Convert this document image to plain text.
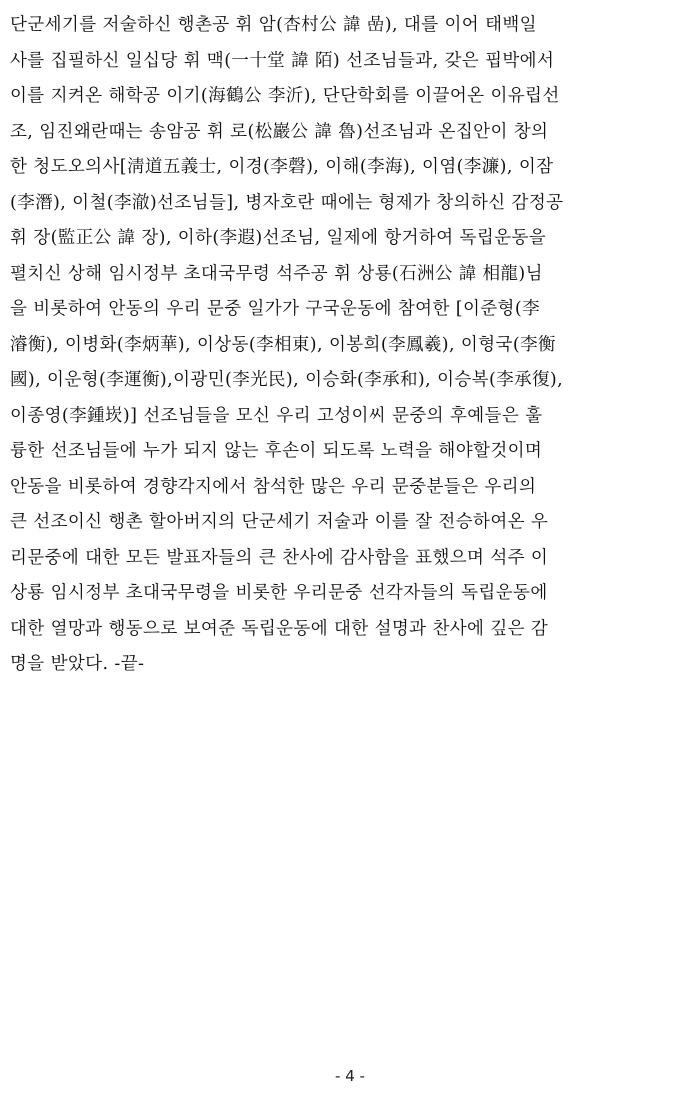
단군세기를 저술하신 행촌공 휘 암(杏村公 諱 嵒), 대를 이어 태백일
사를 집필하신 일십당 휘 맥(一十堂 諱 陌) 선조님들과, 갖은 핍박에서
이를 지켜온 해학공 이기(海鶴公 李沂), 단단학회를 이끌어온 이유립선
조, 임진왜란때는 송암공 휘 로(松巖公 諱 魯)선조님과 온집안이 창의
한 청도오의사[淸道五義士, 이경(李磬), 이해(李海), 이염(李濂), 이잠
(李潛), 이철(李澈)선조님들], 병자호란 때에는 형제가 창의하신 감정공
휘 장(監正公 諱 장), 이하(李遐)선조님, 일제에 항거하여 독립운동을
펼치신 상해 임시정부 초대국무령 석주공 휘 상룡(石洲公 諱 相龍)님
을 비롯하여 안동의 우리 문중 일가가 구국운동에 참여한 [이준형(李
濬衡), 이병화(李炳華), 이상동(李相東), 이봉희(李鳳羲), 이형국(李衡
國), 이운형(李運衡),이광민(李光民), 이승화(李承和), 이승복(李承復),
이종영(李鍾崁)] 선조님들을 모신 우리 고성이씨 문중의 후예들은 훌
륭한 선조님들에 누가 되지 않는 후손이 되도록 노력을 해야할것이며
안동을 비롯하여 경향각지에서 참석한 많은 우리 문중분들은 우리의
큰 선조이신 행촌 할아버지의 단군세기 저술과 이를 잘 전승하여온 우
리문중에 대한 모든 발표자들의 큰 찬사에 감사함을 표했으며 석주 이
상룡 임시정부 초대국무령을 비롯한 우리문중 선각자들의 독립운동에
대한 열망과 행동으로 보여준 독립운동에 대한 설명과 찬사에 깊은 감
명을 받았다. -끝-
- 4 -
